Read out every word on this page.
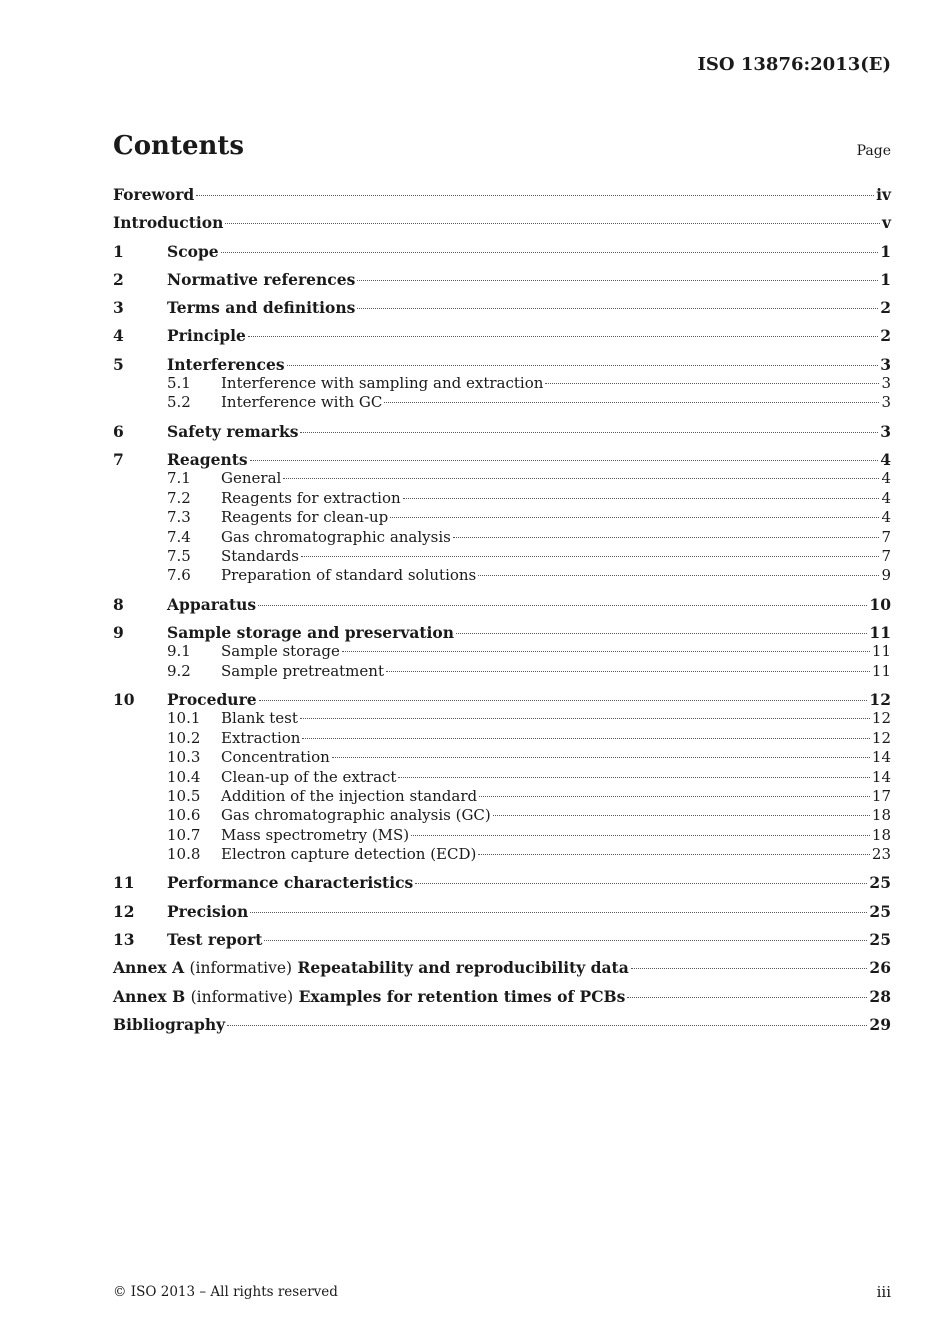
ISO 13876:2013(E)
Contents	Page
Foreword	iv
Introduction	v
1	Scope	1
2	Normative references	1
3	Terms and definitions	2
4	Principle	2
5	Interferences	3
5.1	Interference with sampling and extraction	3
5.2	Interference with GC	3
6	Safety remarks	3
7	Reagents	4
7.1	General	4
7.2	Reagents for extraction	4
7.3	Reagents for clean-up	4
7.4	Gas chromatographic analysis	7
7.5	Standards	7
7.6	Preparation of standard solutions	9
8	Apparatus	10
9	Sample storage and preservation	11
9.1	Sample storage	11
9.2	Sample pretreatment	11
10	Procedure	12
10.1	Blank test	12
10.2	Extraction	12
10.3	Concentration	14
10.4	Clean-up of the extract	14
10.5	Addition of the injection standard	17
10.6	Gas chromatographic analysis (GC)	18
10.7	Mass spectrometry (MS)	18
10.8	Electron capture detection (ECD)	23
11	Performance characteristics	25
12	Precision	25
13	Test report	25
Annex A (informative) Repeatability and reproducibility data	26
Annex B (informative) Examples for retention times of PCBs	28
Bibliography	29
© ISO 2013 – All rights reserved	iii
